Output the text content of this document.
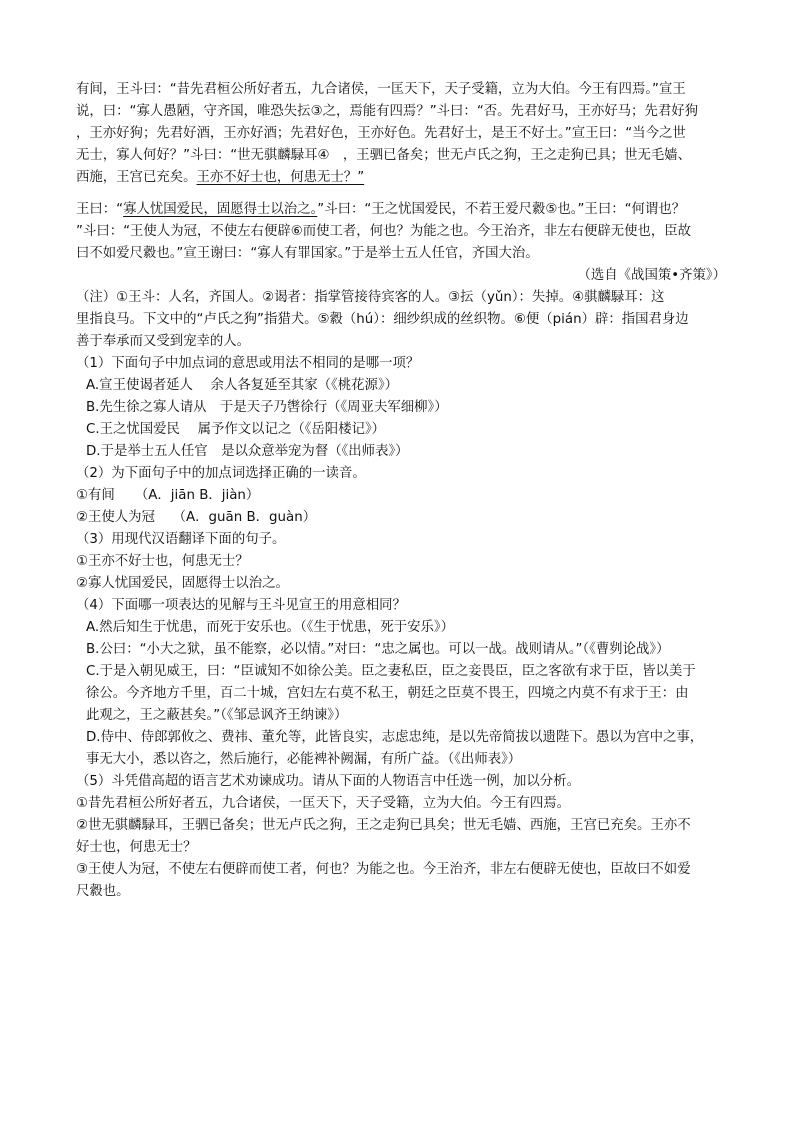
有间，王斗曰：“昔先君桓公所好者五，九合诸侯，一匡天下，天子受籍，立为大伯。今王有四焉。”宣王

说，曰：“寡人愚陋，守齐国，唯恐失抎③之，焉能有四焉？”斗曰：“否。先君好马，王亦好马；先君好狗

，王亦好狗；先君好酒，王亦好酒；先君好色，王亦好色。先君好士，是王不好士。”宣王曰：“当今之世

无士，寡人何好？”斗曰：“世无骐麟騄耳④　，王驷已备矣；世无卢氏之狗，王之走狗已具；世无毛嫱、

西施，王宫已充矣。王亦不好士也，何患无士？”

王曰：“寡人忧国爱民，固愿得士以治之。”斗曰：“王之忧国爱民，不若王爱尺縠⑤也。”王曰：“何谓也？

”斗曰：“王使人为冠，不使左右便辟⑥而使工者，何也？为能之也。今王治齐，非左右便辟无使也，臣故

曰不如爱尺縠也。”宣王谢曰：“寡人有罪国家。”于是举士五人任官，齐国大治。

（选自《战国策•齐策》）

（注）①王斗：人名，齐国人。②谒者：指掌管接待宾客的人。③抎（yǔn）：失掉。④骐麟騄耳：这

里指良马。下文中的“卢氏之狗”指猎犬。⑤縠（hú）：细纱织成的丝织物。⑥便（pián）辟：指国君身边

善于奉承而又受到宠幸的人。

（1）下面句子中加点词的意思或用法不相同的是哪一项？

A.宣王使谒者延人　 余人各复延至其家（《桃花源》）

B.先生徐之寡人请从　于是天子乃辔徐行（《周亚夫军细柳》）

C.王之忧国爱民　 属予作文以记之（《岳阳楼记》）

D.于是举士五人任官　是以众意举宠为督（《出师表》）

（2）为下面句子中的加点词选择正确的一读音。

①有间　　（A．jiān B．jiàn）

②王使人为冠　 （A．guān B．guàn）

（3）用现代汉语翻译下面的句子。

①王亦不好士也，何患无士？

②寡人忧国爱民，固愿得士以治之。

（4）下面哪一项表达的见解与王斗见宣王的用意相同？

A.然后知生于忧患，而死于安乐也。（《生于忧患，死于安乐》）

B.公曰：“小大之狱，虽不能察，必以情。”对曰：“忠之属也。可以一战。战则请从。”（《曹刿论战》）

C.于是入朝见威王，曰：“臣诚知不如徐公美。臣之妻私臣，臣之妾畏臣，臣之客欲有求于臣，皆以美于

徐公。今齐地方千里，百二十城，宫妇左右莫不私王，朝廷之臣莫不畏王，四境之内莫不有求于王：由

此观之，王之蔽甚矣。”（《邹忌讽齐王纳谏》）

D.侍中、侍郎郭攸之、费祎、董允等，此皆良实，志虑忠纯，是以先帝简拔以遗陛下。愚以为宫中之事，

事无大小，悉以咨之，然后施行，必能裨补阙漏，有所广益。（《出师表》）

（5）斗凭借高超的语言艺术劝谏成功。请从下面的人物语言中任选一例，加以分析。

①昔先君桓公所好者五，九合诸侯，一匡天下，天子受籍，立为大伯。今王有四焉。

②世无骐麟騄耳，王驷已备矣；世无卢氏之狗，王之走狗已具矣；世无毛嫱、西施，王宫已充矣。王亦不

好士也，何患无士？

③王使人为冠，不使左右便辟而使工者，何也？为能之也。今王治齐，非左右便辟无使也，臣故曰不如爱

尺縠也。
